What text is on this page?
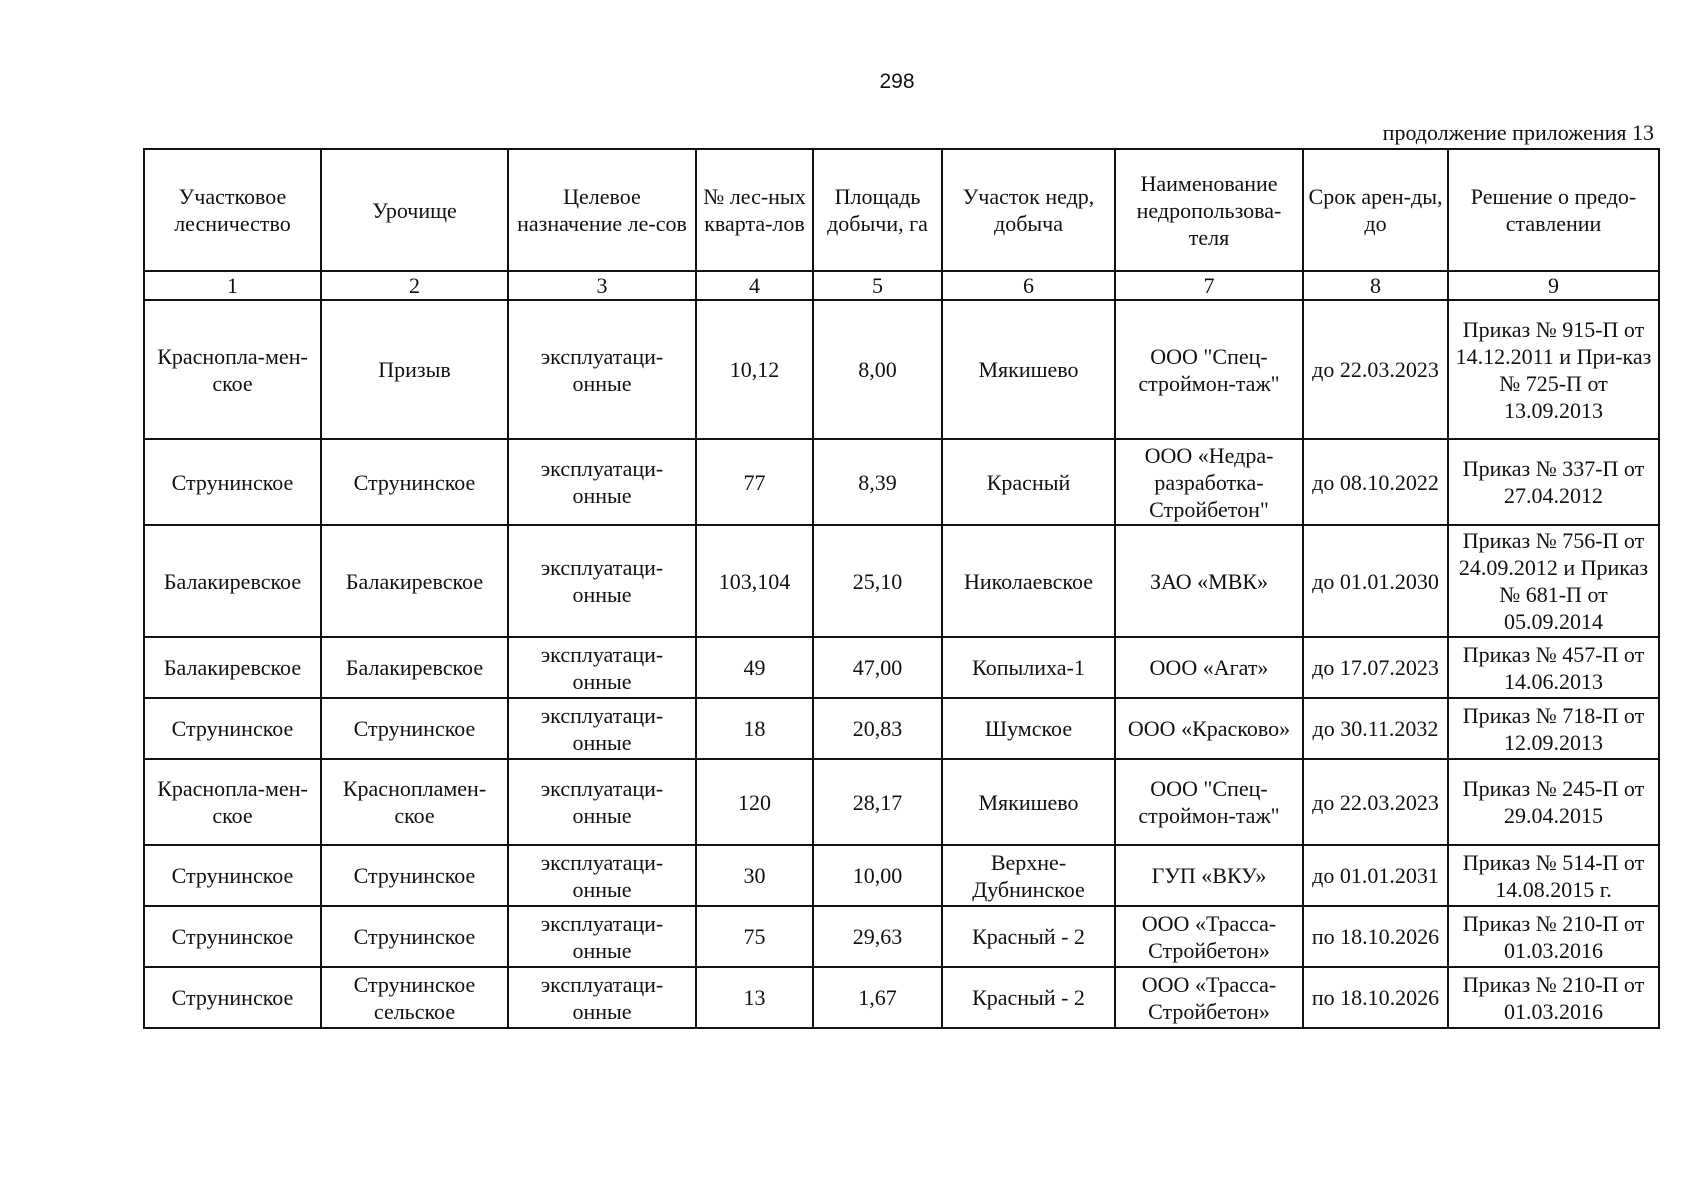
298
продолжение приложения 13
Участковое лесничество	Урочище	Целевое назначение ле-сов	№ лес-ных кварта-лов	Площадь добычи, га	Участок недр, добыча	Наименование недропользова-теля	Срок арен-ды, до	Решение о предо-ставлении

1	2	3	4	5	6	7	8	9

Краснопла-мен-ское	Призыв	эксплуатаци-онные	10,12	8,00	Мякишево	ООО "Спец-строймон-таж"	до 22.03.2023	Приказ № 915-П от 14.12.2011 и При-каз № 725-П от 13.09.2013

Струнинское	Струнинское	эксплуатаци-онные	77	8,39	Красный	ООО «Недра-разработка-Стройбетон"	до 08.10.2022	Приказ № 337-П от 27.04.2012

Балакиревское	Балакиревское	эксплуатаци-онные	103,104	25,10	Николаевское	ЗАО «МВК»	до 01.01.2030	Приказ № 756-П от 24.09.2012 и Приказ № 681-П от 05.09.2014

Балакиревское	Балакиревское	эксплуатаци-онные	49	47,00	Копылиха-1	ООО «Агат»	до 17.07.2023	Приказ № 457-П от 14.06.2013

Струнинское	Струнинское	эксплуатаци-онные	18	20,83	Шумское	ООО «Красково»	до 30.11.2032	Приказ № 718-П от 12.09.2013

Краснопла-мен-ское	Краснопламен-ское	эксплуатаци-онные	120	28,17	Мякишево	ООО "Спец-строймон-таж"	до 22.03.2023	Приказ № 245-П от 29.04.2015

Струнинское	Струнинское	эксплуатаци-онные	30	10,00	Верхне-Дубнинское	ГУП «ВКУ»	до 01.01.2031	Приказ № 514-П от 14.08.2015 г.

Струнинское	Струнинское	эксплуатаци-онные	75	29,63	Красный - 2	ООО «Трасса-Стройбетон»	по 18.10.2026	Приказ № 210-П от 01.03.2016

Струнинское	Струнинское сельское	эксплуатаци-онные	13	1,67	Красный - 2	ООО «Трасса-Стройбетон»	по 18.10.2026	Приказ № 210-П от 01.03.2016
